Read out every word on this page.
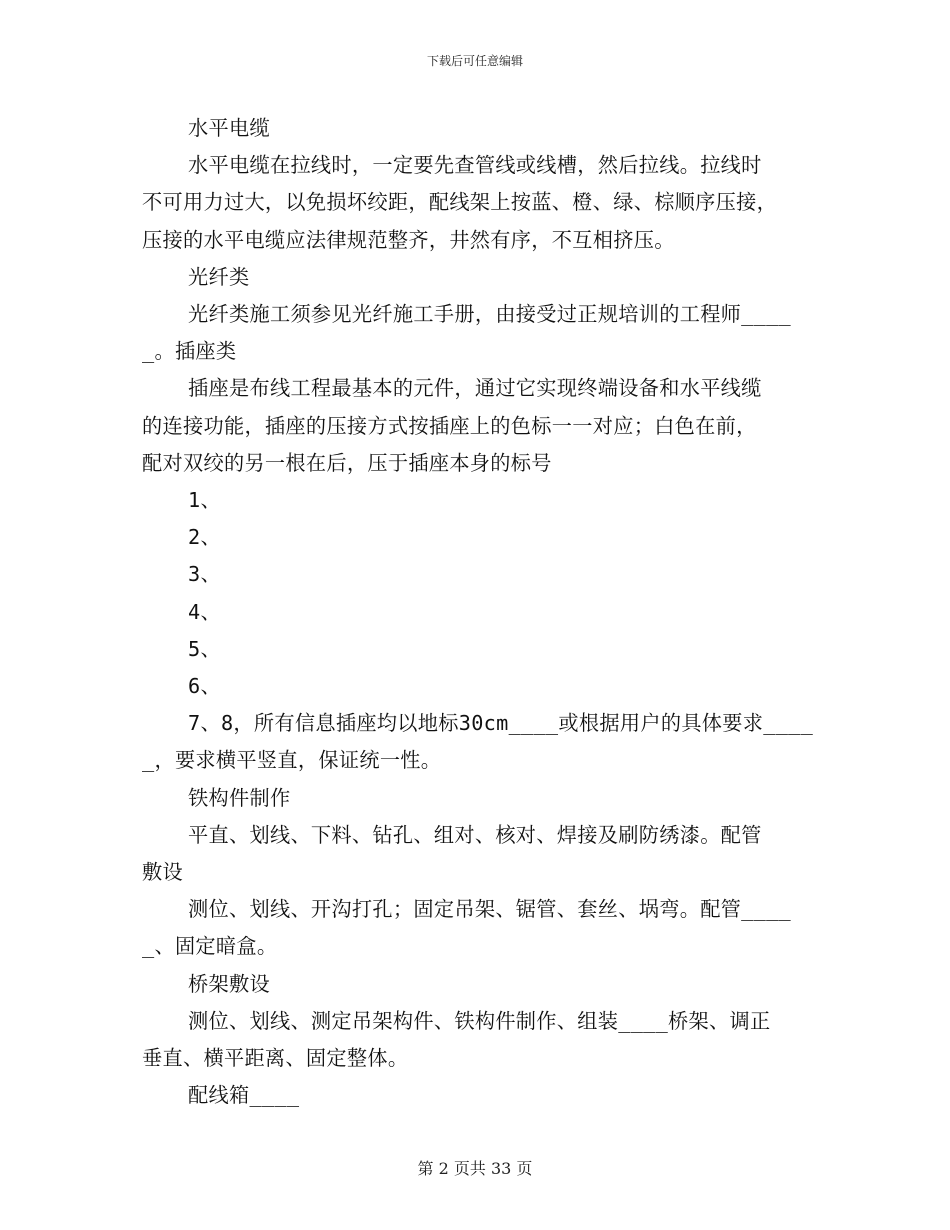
下载后可任意编辑

水平电缆

水平电缆在拉线时，一定要先查管线或线槽，然后拉线。拉线时

不可用力过大，以免损坏绞距，配线架上按蓝、橙、绿、棕顺序压接，

压接的水平电缆应法律规范整齐，井然有序，不互相挤压。

光纤类

光纤类施工须参见光纤施工手册，由接受过正规培训的工程师____

_。插座类

插座是布线工程最基本的元件，通过它实现终端设备和水平线缆

的连接功能，插座的压接方式按插座上的色标一一对应；白色在前，

配对双绞的另一根在后，压于插座本身的标号

1、

2、

3、

4、

5、

6、

7、8，所有信息插座均以地标30cm____或根据用户的具体要求____

_，要求横平竖直，保证统一性。

铁构件制作

平直、划线、下料、钻孔、组对、核对、焊接及刷防绣漆。配管

敷设

测位、划线、开沟打孔；固定吊架、锯管、套丝、埚弯。配管____

_、固定暗盒。

桥架敷设

测位、划线、测定吊架构件、铁构件制作、组装____桥架、调正

垂直、横平距离、固定整体。

配线箱____

第 2 页共 33 页
